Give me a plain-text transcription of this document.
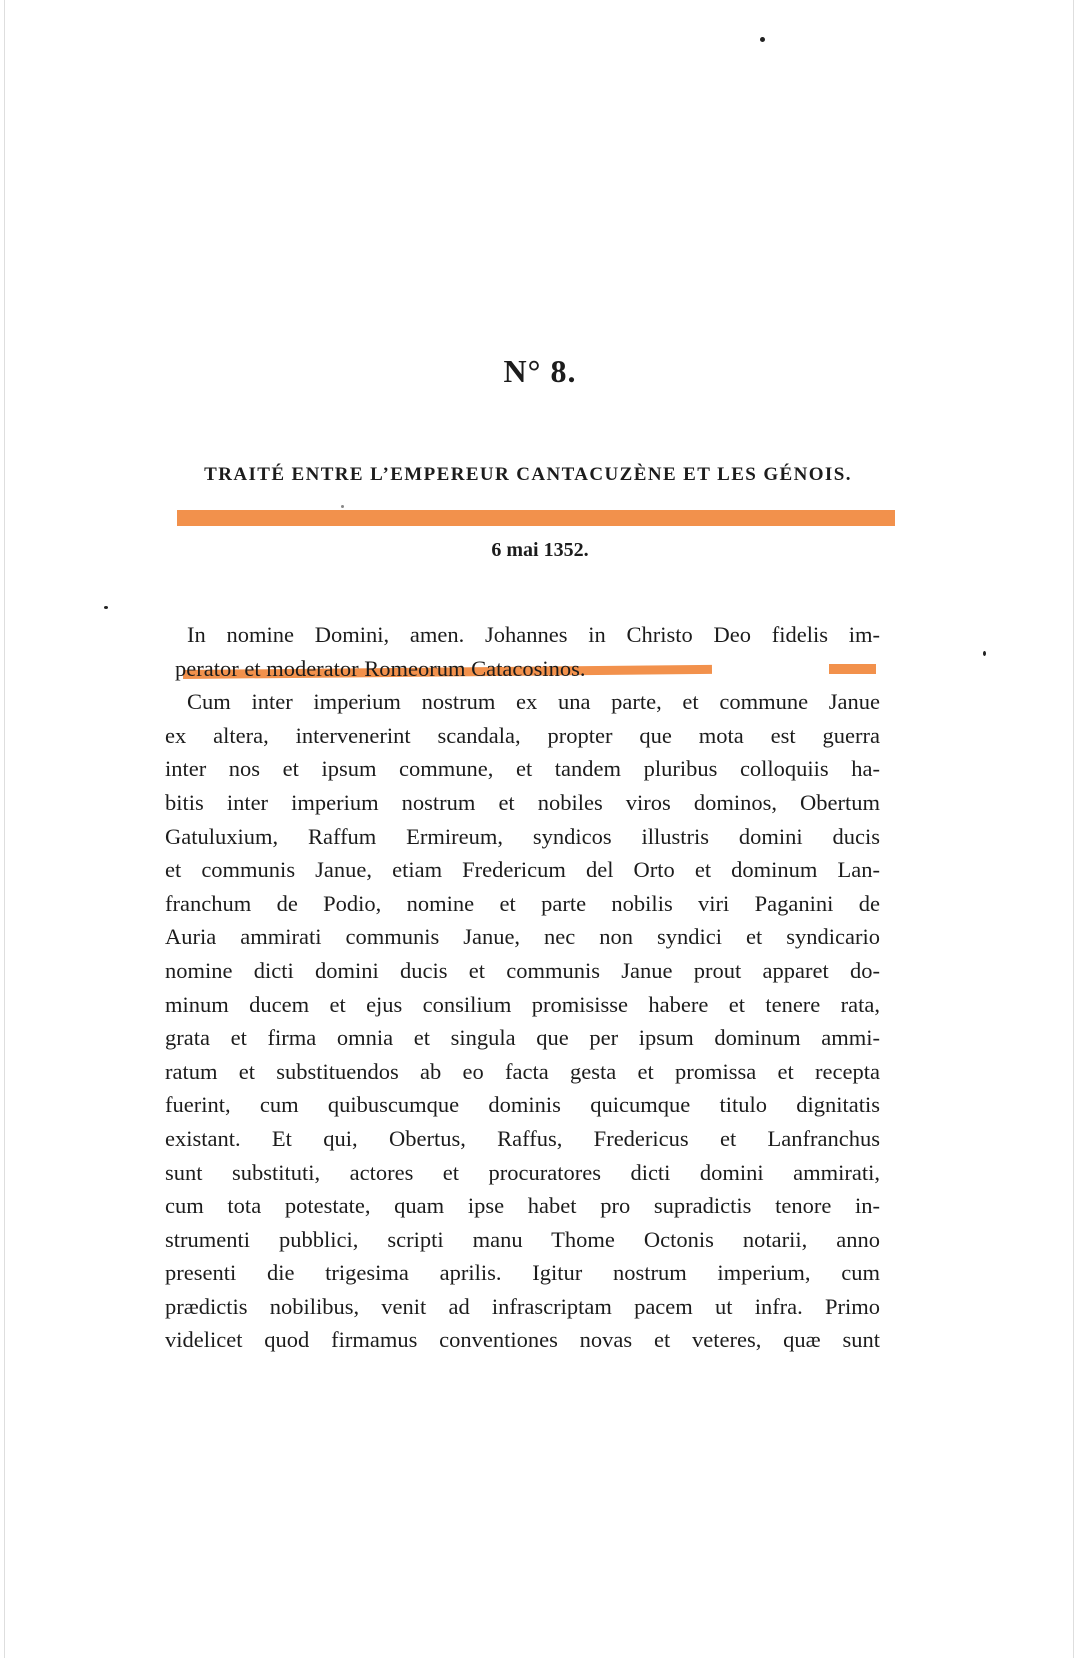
N° 8.
TRAITÉ ENTRE L’EMPEREUR CANTACUZÈNE ET LES GÉNOIS.
6 mai 1352.
In nomine Domini, amen. Johannes in Christo Deo fidelis im-
perator et moderator Romeorum Catacosinos.
Cum inter imperium nostrum ex una parte, et commune Janue
ex altera, intervenerint scandala, propter que mota est guerra
inter nos et ipsum commune, et tandem pluribus colloquiis ha-
bitis inter imperium nostrum et nobiles viros dominos, Obertum
Gatuluxium, Raffum Ermireum, syndicos illustris domini ducis
et communis Janue, etiam Fredericum del Orto et dominum Lan-
franchum de Podio, nomine et parte nobilis viri Paganini de
Auria ammirati communis Janue, nec non syndici et syndicario
nomine dicti domini ducis et communis Janue prout apparet do-
minum ducem et ejus consilium promisisse habere et tenere rata,
grata et firma omnia et singula que per ipsum dominum ammi-
ratum et substituendos ab eo facta gesta et promissa et recepta
fuerint, cum quibuscumque dominis quicumque titulo dignitatis
existant. Et qui, Obertus, Raffus, Fredericus et Lanfranchus
sunt substituti, actores et procuratores dicti domini ammirati,
cum tota potestate, quam ipse habet pro supradictis tenore in-
strumenti pubblici, scripti manu Thome Octonis notarii, anno
presenti die trigesima aprilis. Igitur nostrum imperium, cum
prædictis nobilibus, venit ad infrascriptam pacem ut infra. Primo
videlicet quod firmamus conventiones novas et veteres, quæ sunt
